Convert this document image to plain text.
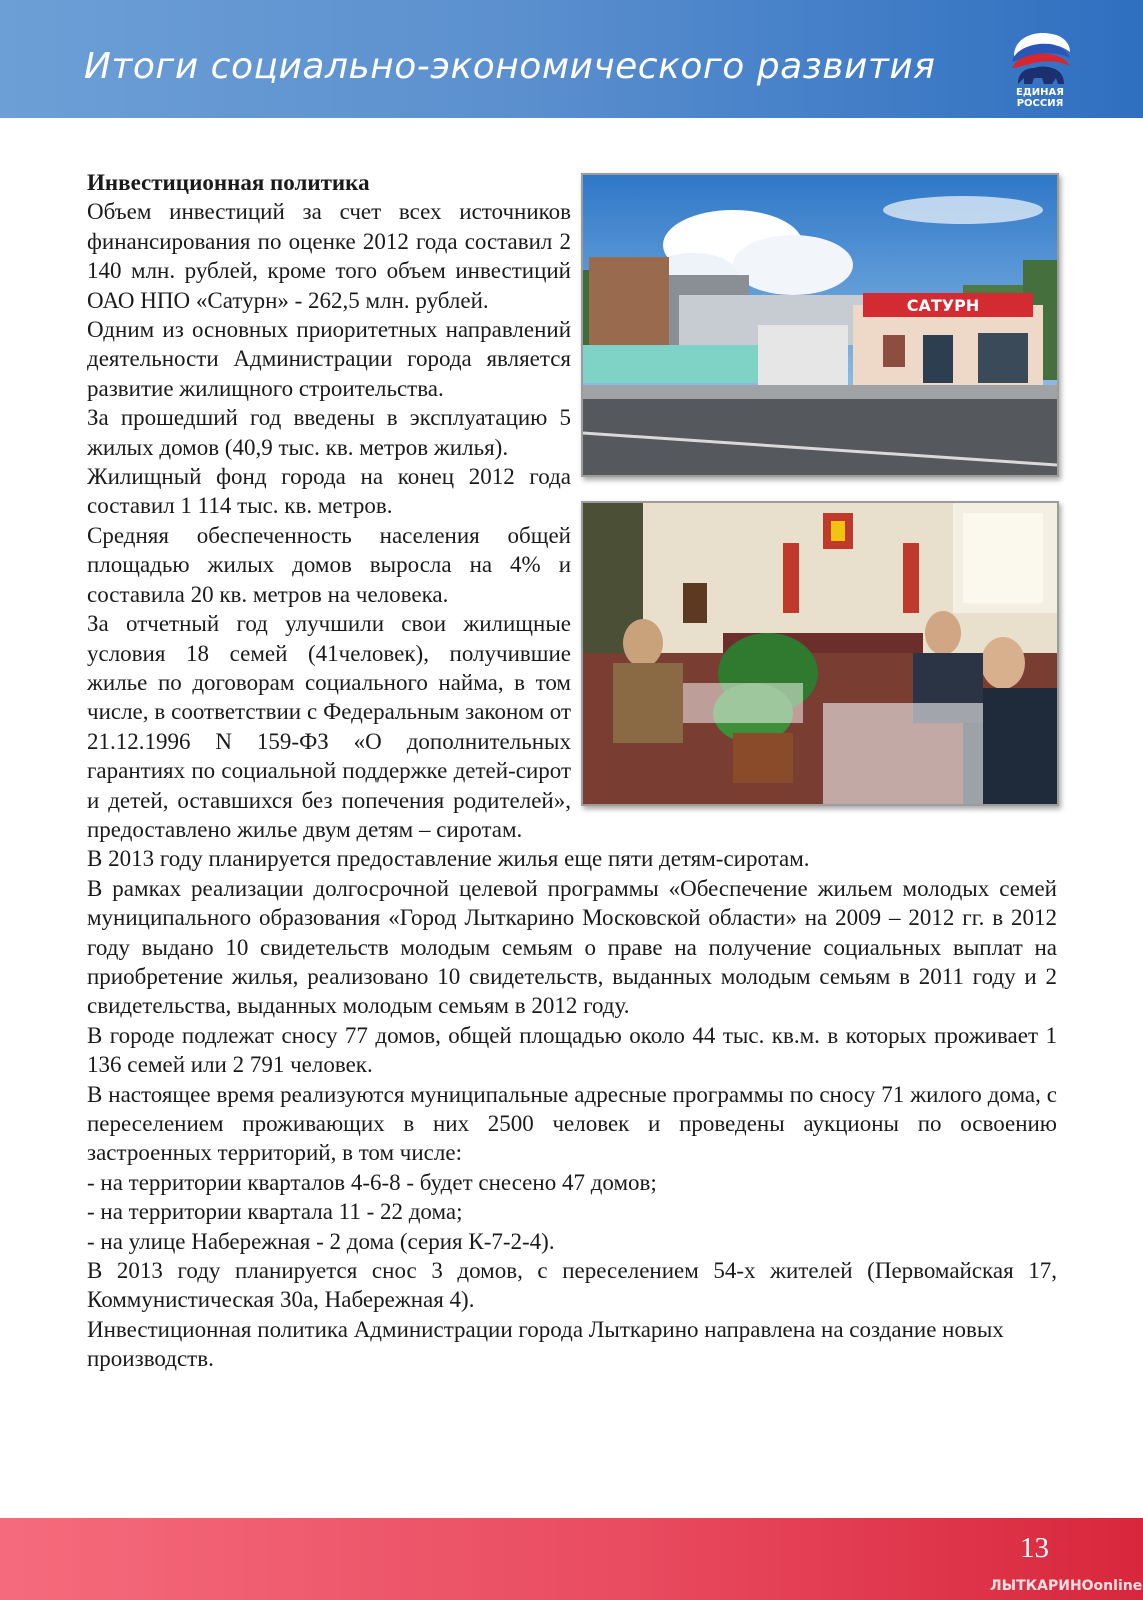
Итоги социально-экономического развития
ЕДИНАЯ
РОССИЯ
САТУРН
Инвестиционная политика

Объем инвестиций за счет всех источников финансирования по оценке 2012 года составил 2 140 млн. рублей, кроме того объем инвестиций ОАО НПО «Сатурн» - 262,5 млн. рублей.

Одним из основных приоритетных направлений деятельности Администрации города является развитие жилищного строительства.

За прошедший год введены в эксплуатацию 5 жилых домов (40,9 тыс. кв. метров жилья).

Жилищный фонд города на конец 2012 года составил 1 114 тыс. кв. метров.

Средняя обеспеченность населения общей площадью жилых домов выросла на 4% и составила 20 кв. метров на человека.

За отчетный год улучшили свои жилищные условия 18 семей (41человек), получившие жилье по договорам социального найма, в том числе, в соответствии с Федеральным законом от 21.12.1996 N 159-ФЗ «О дополнительных гарантиях по социальной поддержке детей-сирот и детей, оставшихся без попечения родителей», предоставлено жилье двум детям – сиротам.

В 2013 году планируется предоставление жилья еще пяти детям-сиротам.

В рамках реализации долгосрочной целевой программы «Обеспечение жильем молодых семей муниципального образования «Город Лыткарино Московской области» на 2009 – 2012 гг. в 2012 году выдано 10 свидетельств молодым семьям о праве на получение социальных выплат на приобретение жилья, реализовано 10 свидетельств, выданных молодым семьям в 2011 году и 2 свидетельства, выданных молодым семьям в 2012 году.

В городе подлежат сносу 77 домов, общей площадью около 44 тыс. кв.м. в которых проживает 1 136 семей или 2 791 человек.

В настоящее время реализуются муниципальные адресные программы по сносу 71 жилого дома, с переселением проживающих в них 2500 человек и проведены аукционы по освоению застроенных территорий, в том числе:

- на территории кварталов 4-6-8 - будет снесено 47 домов;

- на территории квартала 11 - 22 дома;

- на улице Набережная - 2 дома (серия К-7-2-4).

В 2013 году планируется снос 3 домов, с переселением 54-х жителей (Первомайская 17, Коммунистическая 30а, Набережная 4).

Инвестиционная политика Администрации города Лыткарино направлена на создание новых производств.

13
ЛЫТКАРИНОonline
